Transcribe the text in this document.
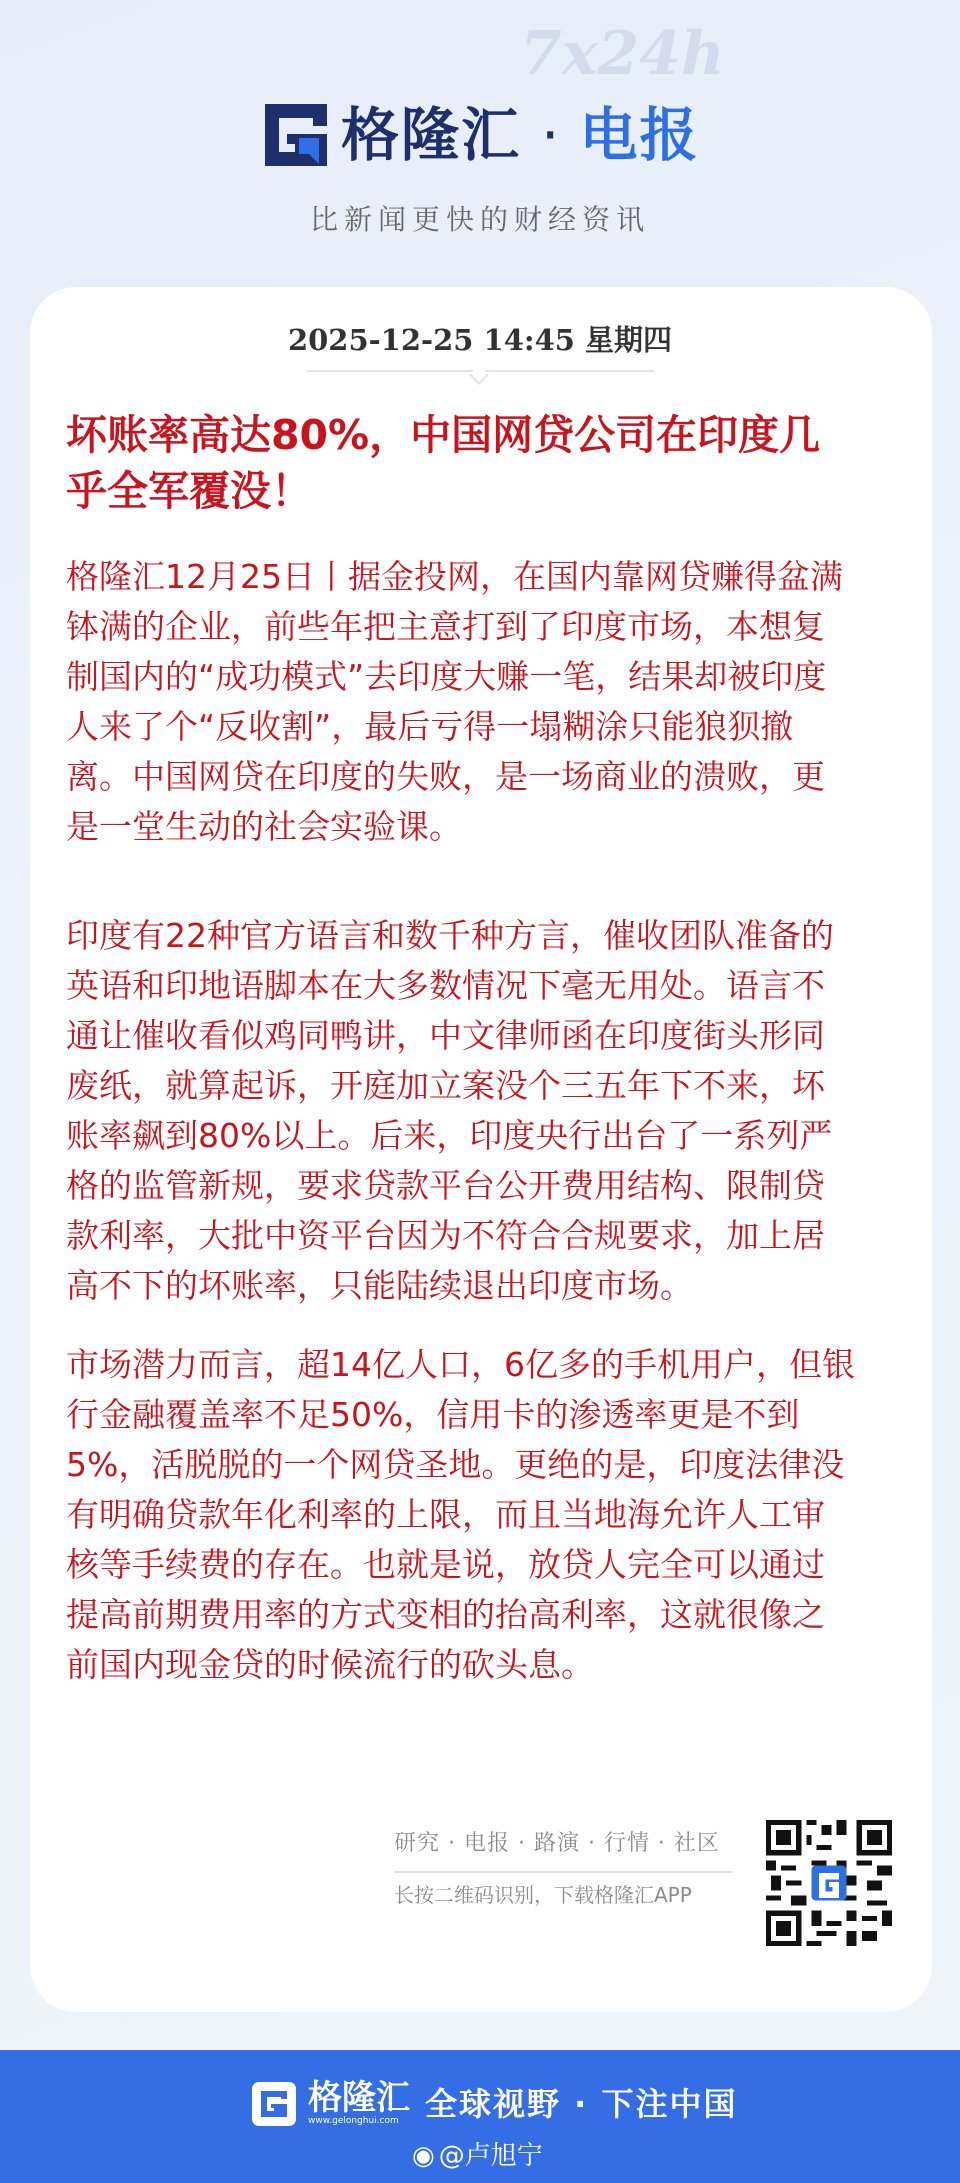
7x24h
格隆汇 · 电报
比新闻更快的财经资讯
2025-12-25 14:45 星期四
坏账率高达80%，中国网贷公司在印度几
乎全军覆没！
格隆汇12月25日丨据金投网，在国内靠网贷赚得盆满
钵满的企业，前些年把主意打到了印度市场，本想复
制国内的“成功模式”去印度大赚一笔，结果却被印度
人来了个“反收割”，最后亏得一塌糊涂只能狼狈撤
离。中国网贷在印度的失败，是一场商业的溃败，更
是一堂生动的社会实验课。
印度有22种官方语言和数千种方言，催收团队准备的
英语和印地语脚本在大多数情况下毫无用处。语言不
通让催收看似鸡同鸭讲，中文律师函在印度街头形同
废纸，就算起诉，开庭加立案没个三五年下不来，坏
账率飙到80%以上。后来，印度央行出台了一系列严
格的监管新规，要求贷款平台公开费用结构、限制贷
款利率，大批中资平台因为不符合合规要求，加上居
高不下的坏账率，只能陆续退出印度市场。
市场潜力而言，超14亿人口，6亿多的手机用户，但银
行金融覆盖率不足50%，信用卡的渗透率更是不到
5%，活脱脱的一个网贷圣地。更绝的是，印度法律没
有明确贷款年化利率的上限，而且当地海允许人工审
核等手续费的存在。也就是说，放贷人完全可以通过
提高前期费用率的方式变相的抬高利率，这就很像之
前国内现金贷的时候流行的砍头息。
研究 · 电报 · 路演 · 行情 · 社区
长按二维码识别，下载格隆汇APP
格隆汇
www.gelonghui.com 全球视野 · 下注中国
◉ @卢旭宁
